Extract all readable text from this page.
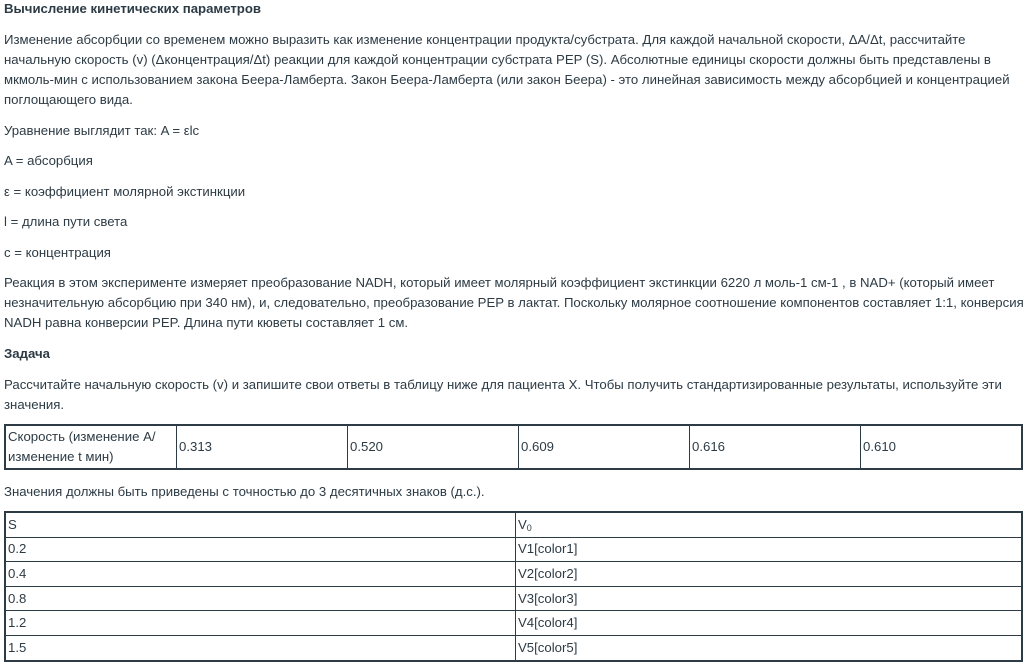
Вычисление кинетических параметров
Изменение абсорбции со временем можно выразить как изменение концентрации продукта/субстрата. Для каждой начальной скорости, ΔA/Δt, рассчитайте
начальную скорость (v) (Δконцентрация/Δt) реакции для каждой концентрации субстрата PEP (S). Абсолютные единицы скорости должны быть представлены в
мкмоль-мин с использованием закона Беера-Ламберта. Закон Беера-Ламберта (или закон Беера) - это линейная зависимость между абсорбцией и концентрацией
поглощающего вида.
Уравнение выглядит так: A = εlc
A = абсорбция
ε = коэффициент молярной экстинкции
l = длина пути света
c = концентрация
Реакция в этом эксперименте измеряет преобразование NADH, который имеет молярный коэффициент экстинкции 6220 л моль-1 см-1 , в NAD+ (который имеет
незначительную абсорбцию при 340 нм), и, следовательно, преобразование PEP в лактат. Поскольку молярное соотношение компонентов составляет 1:1, конверсия
NADH равна конверсии PEP. Длина пути кюветы составляет 1 см.
Задача
Рассчитайте начальную скорость (v) и запишите свои ответы в таблицу ниже для пациента X. Чтобы получить стандартизированные результаты, используйте эти
значения.
Скорость (изменение A/
изменение t мин)
	0.313	0.520	0.609	0.616	0.610
Значения должны быть приведены с точностью до 3 десятичных знаков (д.с.).
S	$V_0$
0.2	V1[color1]
0.4	V2[color2]
0.8	V3[color3]
1.2	V4[color4]
1.5	V5[color5]
